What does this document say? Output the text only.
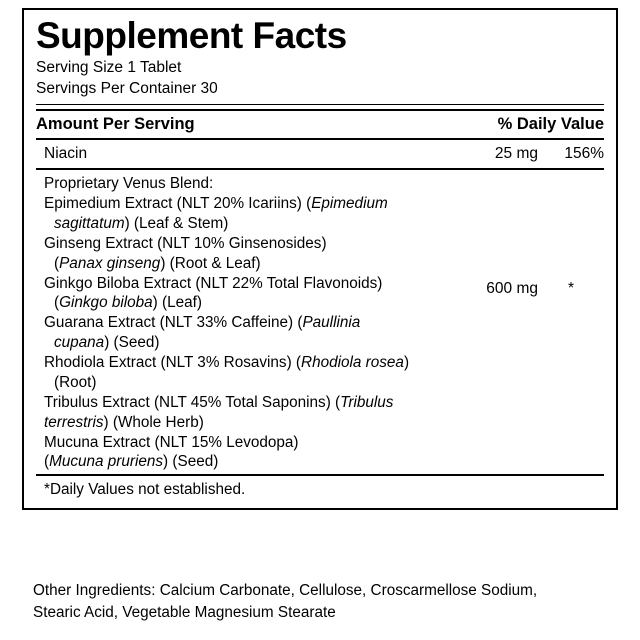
Supplement Facts
Serving Size 1 Tablet
Servings Per Container 30
Amount Per Serving	% Daily Value
Niacin	25 mg	156%
Proprietary Venus Blend:
Epimedium Extract (NLT 20% Icariins) (Epimedium
sagittatum) (Leaf & Stem)
Ginseng Extract (NLT 10% Ginsenosides)
(Panax ginseng) (Root & Leaf)
Ginkgo Biloba Extract (NLT 22% Total Flavonoids)
(Ginkgo biloba) (Leaf)
Guarana Extract (NLT 33% Caffeine) (Paullinia
cupana) (Seed)
Rhodiola Extract (NLT 3% Rosavins) (Rhodiola rosea)
(Root)
Tribulus Extract (NLT 45% Total Saponins) (Tribulus
terrestris) (Whole Herb)
Mucuna Extract (NLT 15% Levodopa)
(Mucuna pruriens) (Seed)
600 mg	*
*Daily Values not established.
Other Ingredients: Calcium Carbonate, Cellulose, Croscarmellose Sodium,
Stearic Acid, Vegetable Magnesium Stearate
